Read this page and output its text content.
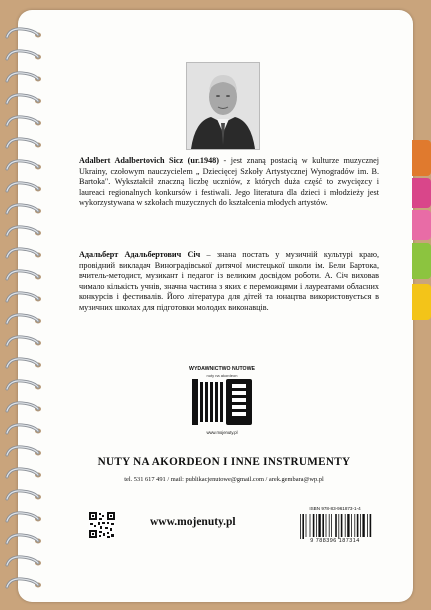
Adalbert Adalbertovich Sicz (ur.1948) - jest znaną postacią w kulturze muzycznej Ukrainy, czołowym nauczycielem „ Dziecięcej Szkoły Artystycznej Wynogradów im. B. Bartoka". Wykształcił znaczną liczbę uczniów, z których duża część to zwycięzcy i laureaci regionalnych konkursów i festiwali. Jego literatura dla dzieci i młodzieży jest wykorzystywana w szkołach muzycznych do kształcenia młodych artystów.

Адальберт Адальбертович Січ – знана постать у музичній культурі краю, провідний викладач Виноградівської дитячої мистецької школи ім. Бели Бартока, вчитель-методист, музикант і педагог із великим досвідом роботи. А. Січ виховав чимало кількість учнів, значна частина з яких є переможцями і лауреатами обласних конкурсів і фестивалів. Його література для дітей та юнацтва використовується в музичних школах для підготовки молодих виконавців.

WYDAWNICTWO NUTOWE
nuty na akordeon
www.mojenuty.pl
NUTY NA AKORDEON I INNE INSTRUMENTY
tel. 531 617 491 / mail: publikacjenutowe@gmail.com / arek.gembara@wp.pl
www.mojenuty.pl
ISBN 978-83-961873-1-4
9 788396 187314
